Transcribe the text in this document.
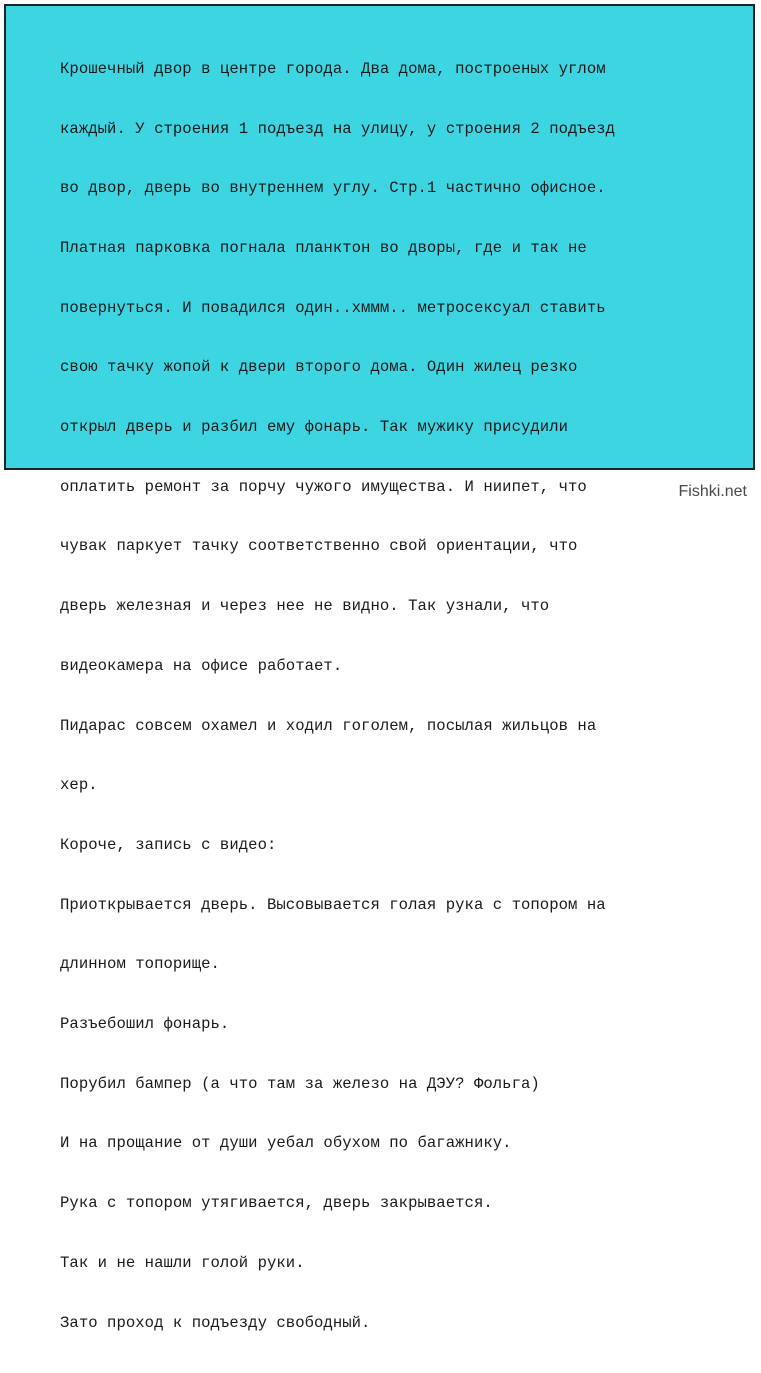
Крошечный двор в центре города. Два дома, построеных углом

каждый. У строения 1 подъезд на улицу, у строения 2 подъезд

во двор, дверь во внутреннем углу. Стр.1 частично офисное.

Платная парковка погнала планктон во дворы, где и так не

повернуться. И повадился один..хммм.. метросексуал ставить

свою тачку жопой к двери второго дома. Один жилец резко

открыл дверь и разбил ему фонарь. Так мужику присудили

оплатить ремонт за порчу чужого имущества. И ниипет, что

чувак паркует тачку соответственно свой ориентации, что

дверь железная и через нее не видно. Так узнали, что

видеокамера на офисе работает.

Пидарас совсем охамел и ходил гоголем, посылая жильцов на

хер.

Короче, запись с видео:

Приоткрывается дверь. Высовывается голая рука с топором на

длинном топорище.

Разъебошил фонарь.

Порубил бампер (а что там за железо на ДЭУ? Фольга)

И на прощание от души уебал обухом по багажнику.

Рука с топором утягивается, дверь закрывается.

Так и не нашли голой руки.

Зато проход к подъезду свободный.

Fishki.net
